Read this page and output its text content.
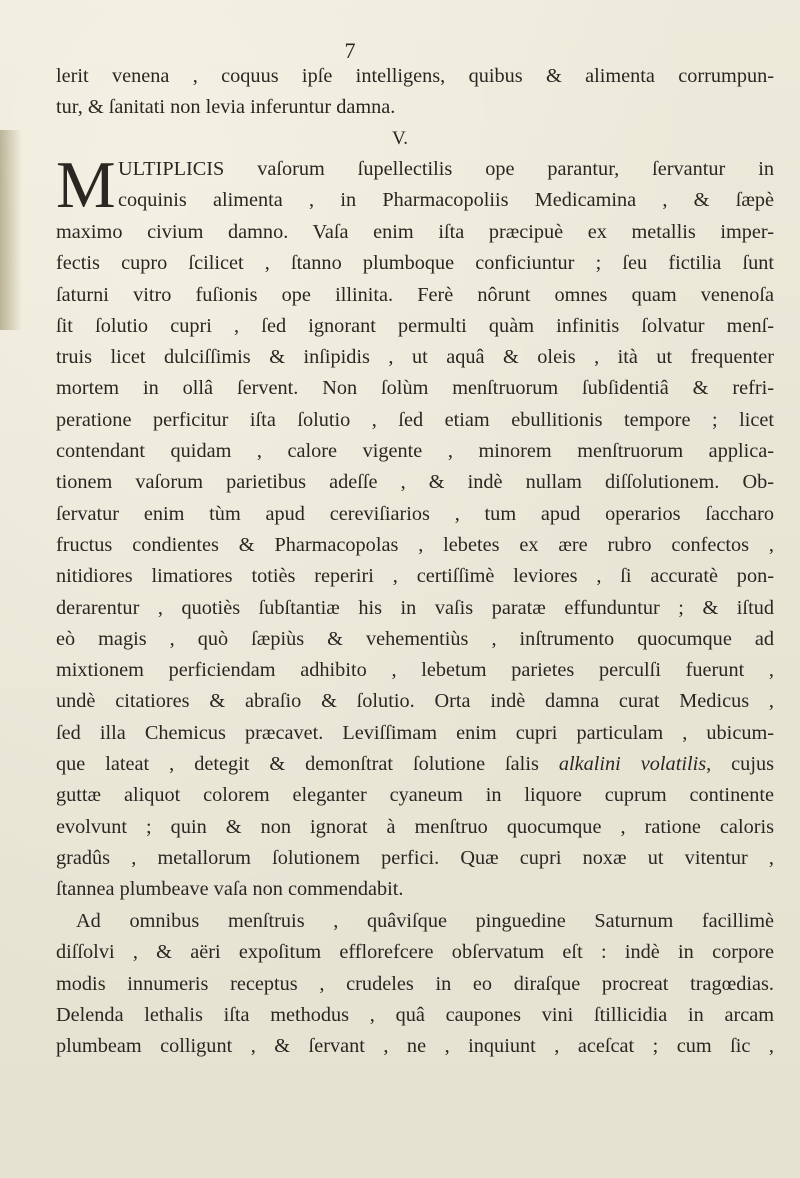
7
lerit venena , coquus ipſe intelligens, quibus & alimenta corrumpun-
tur, & ſanitati non levia inferuntur damna.
V.
M ULTIPLICIS vaſorum ſupellectilis ope parantur, ſervantur in
coquinis alimenta , in Pharmacopoliis Medicamina , & ſæpè
maximo civium damno. Vaſa enim iſta præcipuè ex metallis imper-
fectis cupro ſcilicet , ſtanno plumboque conficiuntur ; ſeu fictilia ſunt
ſaturni vitro fuſionis ope illinita. Ferè nôrunt omnes quam venenoſa
ſit ſolutio cupri , ſed ignorant permulti quàm infinitis ſolvatur menſ-
truis licet dulciſſimis & inſipidis , ut aquâ & oleis , ità ut frequenter
mortem in ollâ ſervent. Non ſolùm menſtruorum ſubſidentiâ & refri-
peratione perficitur iſta ſolutio , ſed etiam ebullitionis tempore ; licet
contendant quidam , calore vigente , minorem menſtruorum applica-
tionem vaſorum parietibus adeſſe , & indè nullam diſſolutionem. Ob-
ſervatur enim tùm apud cereviſiarios , tum apud operarios ſaccharo
fructus condientes & Pharmacopolas , lebetes ex ære rubro confectos ,
nitidiores limatiores totiès reperiri , certiſſimè leviores , ſi accuratè pon-
derarentur , quotiès ſubſtantiæ his in vaſis paratæ effunduntur ; & iſtud
eò magis , quò ſæpiùs & vehementiùs , inſtrumento quocumque ad
mixtionem perficiendam adhibito , lebetum parietes perculſi fuerunt ,
undè citatiores & abraſio & ſolutio. Orta indè damna curat Medicus ,
ſed illa Chemicus præcavet. Leviſſimam enim cupri particulam , ubicum-
que lateat , detegit & demonſtrat ſolutione ſalis alkalini volatilis, cujus
guttæ aliquot colorem eleganter cyaneum in liquore cuprum continente
evolvunt ; quin & non ignorat à menſtruo quocumque , ratione caloris
gradûs , metallorum ſolutionem perfici. Quæ cupri noxæ ut vitentur ,
ſtannea plumbeave vaſa non commendabit.
Ad omnibus menſtruis , quâviſque pinguedine Saturnum facillimè
diſſolvi , & aëri expoſitum efflorefcere obſervatum eſt : indè in corpore
modis innumeris receptus , crudeles in eo diraſque procreat tragœdias.
Delenda lethalis iſta methodus , quâ caupones vini ſtillicidia in arcam
plumbeam colligunt , & ſervant , ne , inquiunt , aceſcat ; cum ſic ,
